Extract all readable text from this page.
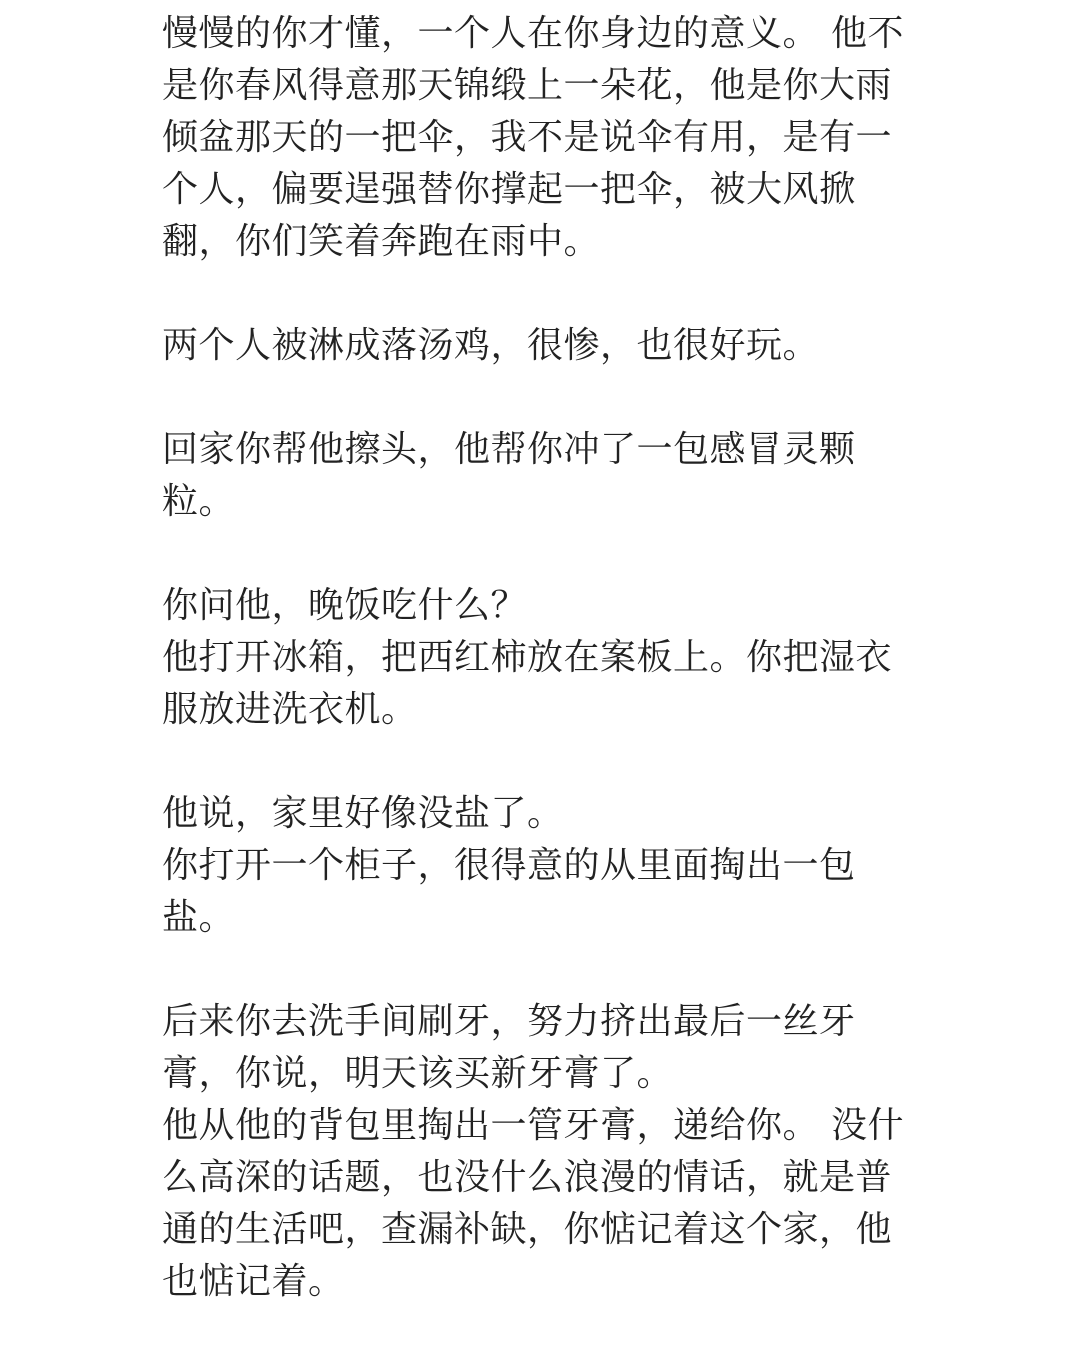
慢慢的你才懂，一个人在你身边的意义。 他不
是你春风得意那天锦缎上一朵花，他是你大雨
倾盆那天的一把伞，我不是说伞有用，是有一
个人，偏要逞强替你撑起一把伞，被大风掀
翻，你们笑着奔跑在雨中。
两个人被淋成落汤鸡，很惨，也很好玩。
回家你帮他擦头，他帮你冲了一包感冒灵颗
粒。
你问他，晚饭吃什么？
他打开冰箱，把西红柿放在案板上。你把湿衣
服放进洗衣机。
他说，家里好像没盐了。
你打开一个柜子，很得意的从里面掏出一包
盐。
后来你去洗手间刷牙，努力挤出最后一丝牙
膏，你说，明天该买新牙膏了。
他从他的背包里掏出一管牙膏，递给你。 没什
么高深的话题，也没什么浪漫的情话，就是普
通的生活吧，查漏补缺，你惦记着这个家，他
也惦记着。
